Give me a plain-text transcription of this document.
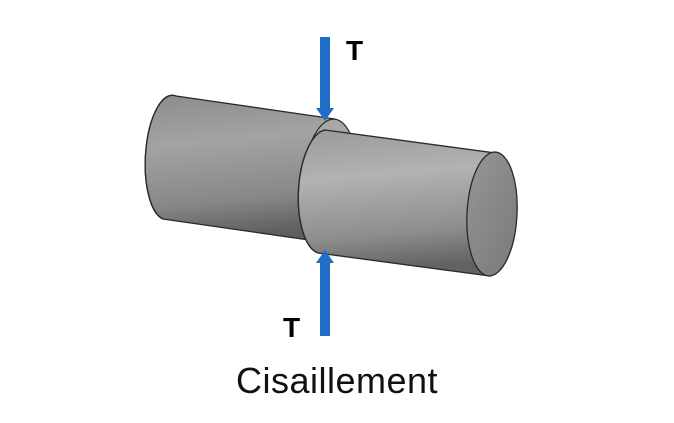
T
T
Cisaillement
